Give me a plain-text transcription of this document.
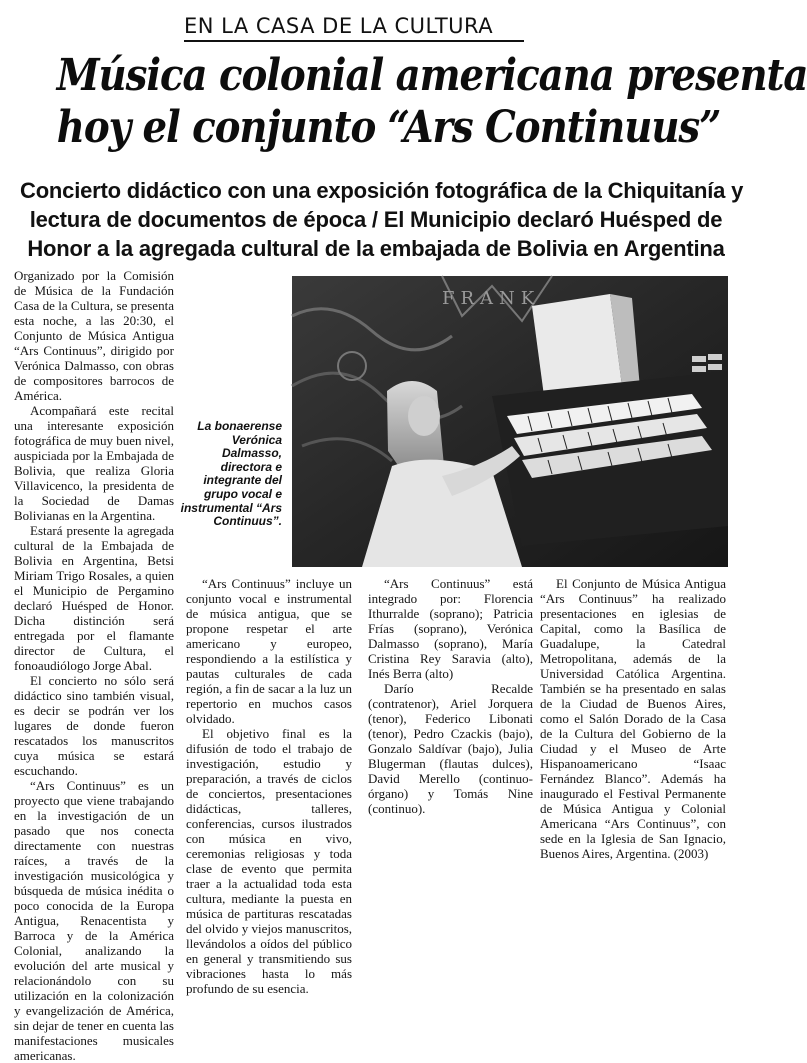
EN LA CASA DE LA CULTURA
Música colonial americana presenta
hoy el conjunto “Ars Continuus”
Concierto didáctico con una exposición fotográfica de la Chiquitanía y
lectura de documentos de época / El Municipio declaró Huésped de
Honor a la agregada cultural de la embajada de Bolivia en Argentina

Organizado por la Comisión de Música de la Fundación Casa de la Cultura, se presenta esta noche, a las 20:30, el Conjunto de Música Antigua “Ars Continuus”, dirigido por Verónica Dalmasso, con obras de compositores barrocos de América.

Acompañará este recital una interesante exposición fotográfica de muy buen nivel, auspiciada por la Embajada de Bolivia, que realiza Gloria Villavicenco, la presidenta de la Sociedad de Damas Bolivianas en la Argentina.

Estará presente la agregada cultural de la Embajada de Bolivia en Argentina, Betsi Miriam Trigo Rosales, a quien el Municipio de Pergamino declaró Huésped de Honor. Dicha distinción será entregada por el flamante director de Cultura, el fonoaudiólogo Jorge Abal.

El concierto no sólo será didáctico sino también visual, es decir se podrán ver los lugares de donde fueron rescatados los manuscritos cuya música se estará escuchando.

“Ars Continuus” es un proyecto que viene trabajando en la investigación de un pasado que nos conecta directamente con nuestras raíces, a través de la investigación musicológica y búsqueda de música inédita o poco conocida de la Europa Antigua, Renacentista y Barroca y de la América Colonial, analizando la evolución del arte musical y relacionándolo con su utilización en la colonización y evangelización de América, sin dejar de tener en cuenta las manifestaciones musicales americanas.

“Ars Continuus” incluye un conjunto vocal e instrumental de música antigua, que se propone respetar el arte americano y europeo, respondiendo a la estilística y pautas culturales de cada región, a fin de sacar a la luz un repertorio en muchos casos olvidado.

El objetivo final es la difusión de todo el trabajo de investigación, estudio y preparación, a través de ciclos de conciertos, presentaciones didácticas, talleres, conferencias, cursos ilustrados con música en vivo, ceremonias religiosas y toda clase de evento que permita traer a la actualidad toda esta cultura, mediante la puesta en música de partituras rescatadas del olvido y viejos manuscritos, llevándolos a oídos del público en general y transmitiendo sus vibraciones hasta lo más profundo de su esencia.

“Ars Continuus” está integrado por: Florencia Ithurralde (soprano); Patricia Frías (soprano), Verónica Dalmasso (soprano), María Cristina Rey Saravia (alto), Inés Berra (alto)

Darío Recalde (contratenor), Ariel Jorquera (tenor), Federico Libonati (tenor), Pedro Czackis (bajo), Gonzalo Saldívar (bajo), Julia Blugerman (flautas dulces), David Merello (continuo-órgano) y Tomás Nine (continuo).

El Conjunto de Música Antigua “Ars Continuus” ha realizado presentaciones en iglesias de Capital, como la Basílica de Guadalupe, la Catedral Metropolitana, además de la Universidad Católica Argentina. También se ha presentado en salas de la Ciudad de Buenos Aires, como el Salón Dorado de la Casa de la Cultura del Gobierno de la Ciudad y el Museo de Arte Hispanoamericano “Isaac Fernández Blanco”. Además ha inaugurado el Festival Permanente de Música Antigua y Colonial Americana “Ars Continuus”, con sede en la Iglesia de San Ignacio, Buenos Aires, Argentina. (2003)

FRANK

La bonaerense Verónica Dalmasso, directora e integrante del grupo vocal e instrumental “Ars Continuus”.
